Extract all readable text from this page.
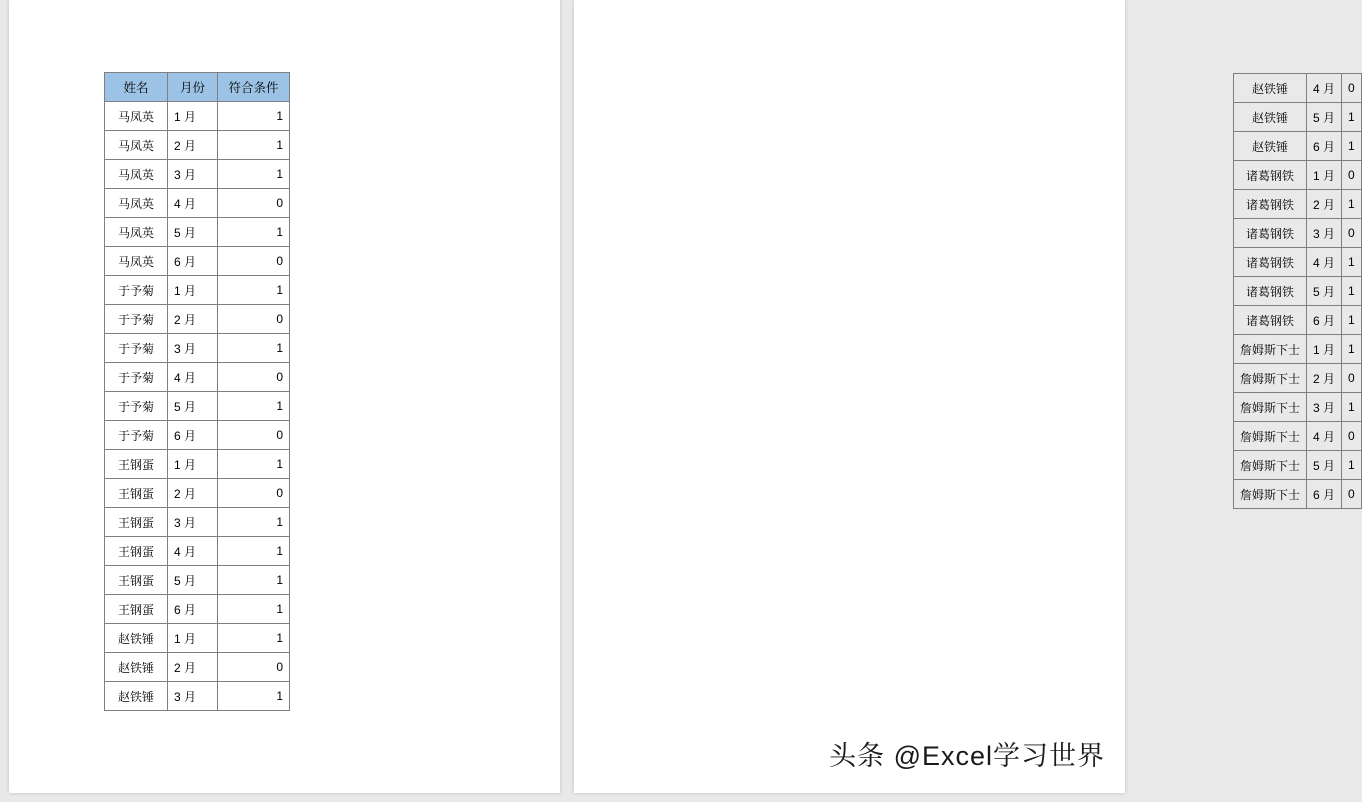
姓名	月份	符合条件
马凤英	1 月	1
马凤英	2 月	1
马凤英	3 月	1
马凤英	4 月	0
马凤英	5 月	1
马凤英	6 月	0
于予菊	1 月	1
于予菊	2 月	0
于予菊	3 月	1
于予菊	4 月	0
于予菊	5 月	1
于予菊	6 月	0
王钢蛋	1 月	1
王钢蛋	2 月	0
王钢蛋	3 月	1
王钢蛋	4 月	1
王钢蛋	5 月	1
王钢蛋	6 月	1
赵铁锤	1 月	1
赵铁锤	2 月	0
赵铁锤	3 月	1
赵铁锤	4 月	0
赵铁锤	5 月	1
赵铁锤	6 月	1
诸葛钢铁	1 月	0
诸葛钢铁	2 月	1
诸葛钢铁	3 月	0
诸葛钢铁	4 月	1
诸葛钢铁	5 月	1
诸葛钢铁	6 月	1
詹姆斯下士	1 月	1
詹姆斯下士	2 月	0
詹姆斯下士	3 月	1
詹姆斯下士	4 月	0
詹姆斯下士	5 月	1
詹姆斯下士	6 月	0
头条 @Excel学习世界
